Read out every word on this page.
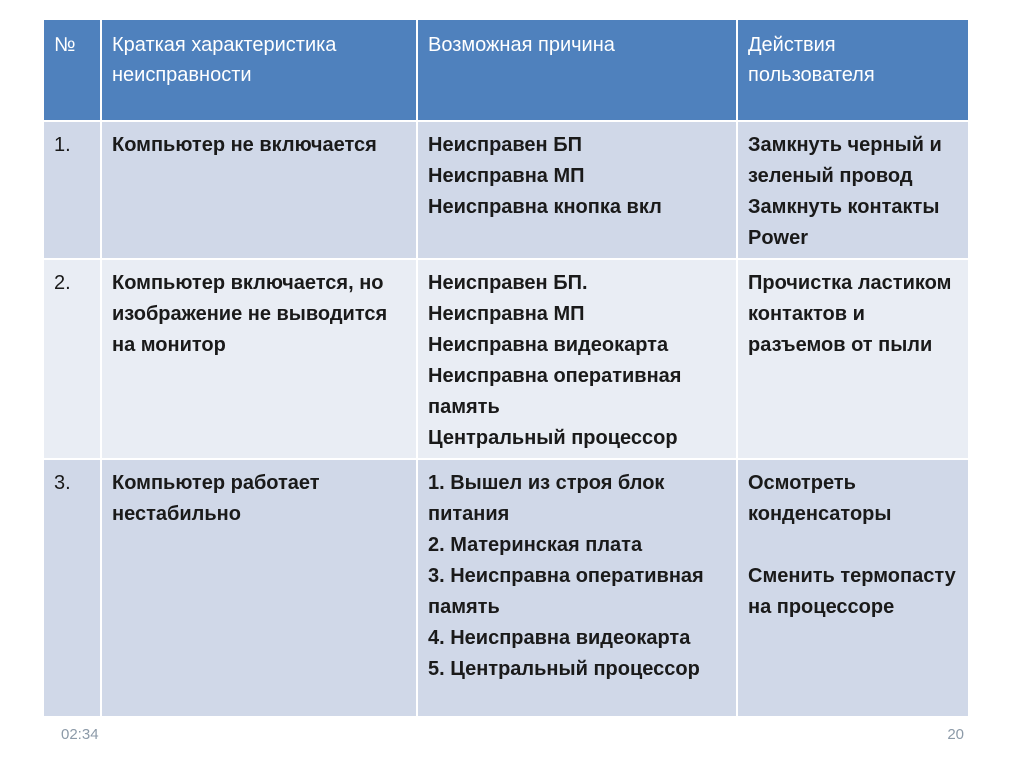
№	Краткая характеристика неисправности	Возможная причина	Действия пользователя
1.	Компьютер не включается	Неисправен БП
Неисправна МП
Неисправна кнопка вкл	Замкнуть черный и зеленый провод
Замкнуть контакты Power

2.	Компьютер включается, но изображение не выводится на монитор	Неисправен БП.
Неисправна МП
Неисправна видеокарта
Неисправна оперативная память
Центральный процессор	Прочистка ластиком контактов и разъемов от пыли

3.	Компьютер работает нестабильно	1. Вышел из строя блок питания
2. Материнская плата
3. Неисправна оперативная память
4. Неисправна видеокарта
5. Центральный процессор	Осмотреть конденсаторы
Сменить термопасту на процессоре
02:34	20
